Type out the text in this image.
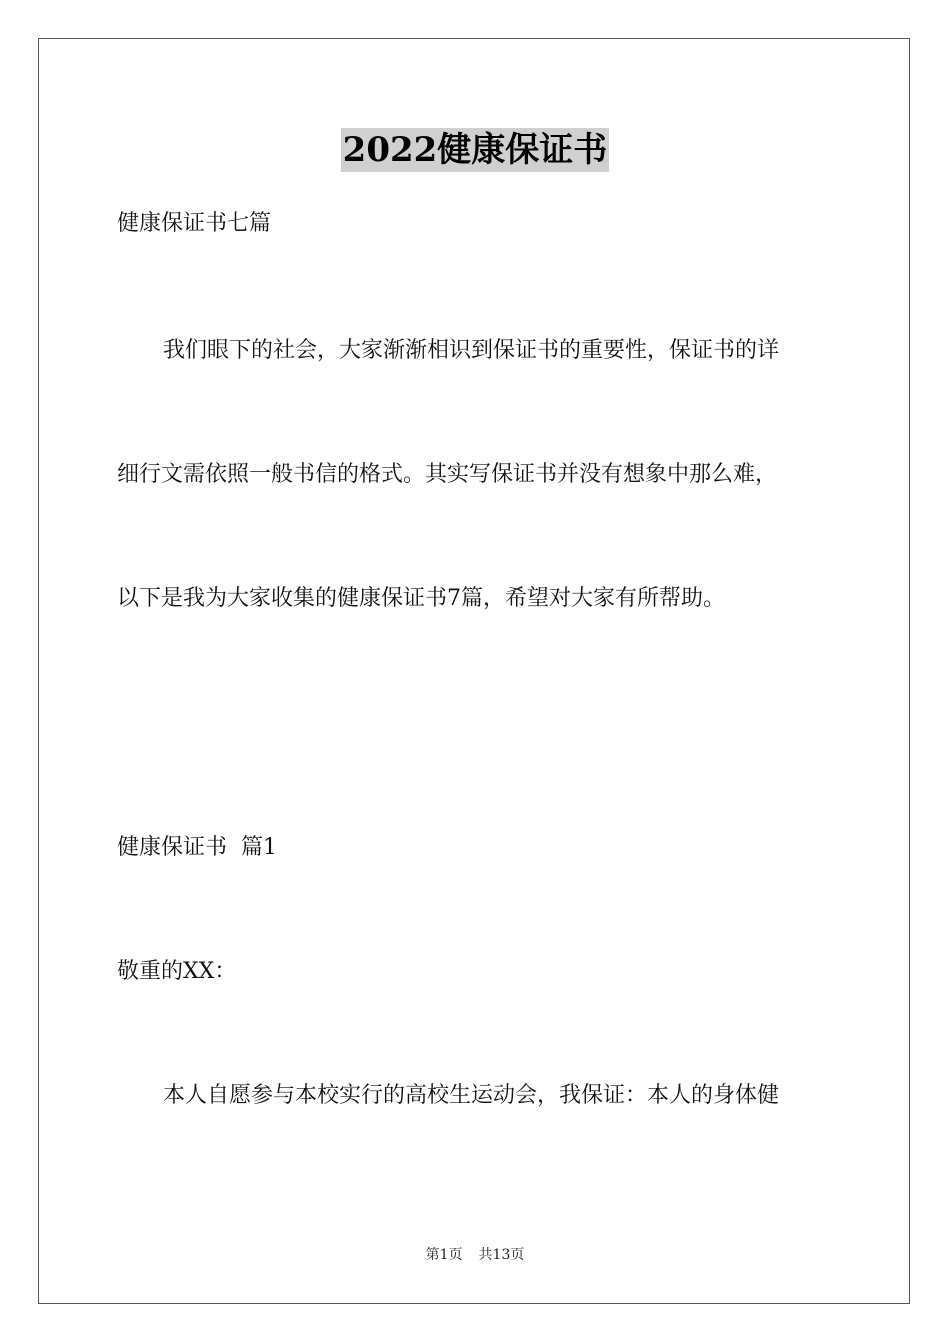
2022健康保证书

健康保证书七篇

我们眼下的社会，大家渐渐相识到保证书的重要性，保证书的详

细行文需依照一般书信的格式。其实写保证书并没有想象中那么难，

以下是我为大家收集的健康保证书7篇，希望对大家有所帮助。

健康保证书  篇1

敬重的XX：

本人自愿参与本校实行的高校生运动会，我保证：本人的身体健

第1页 共13页
